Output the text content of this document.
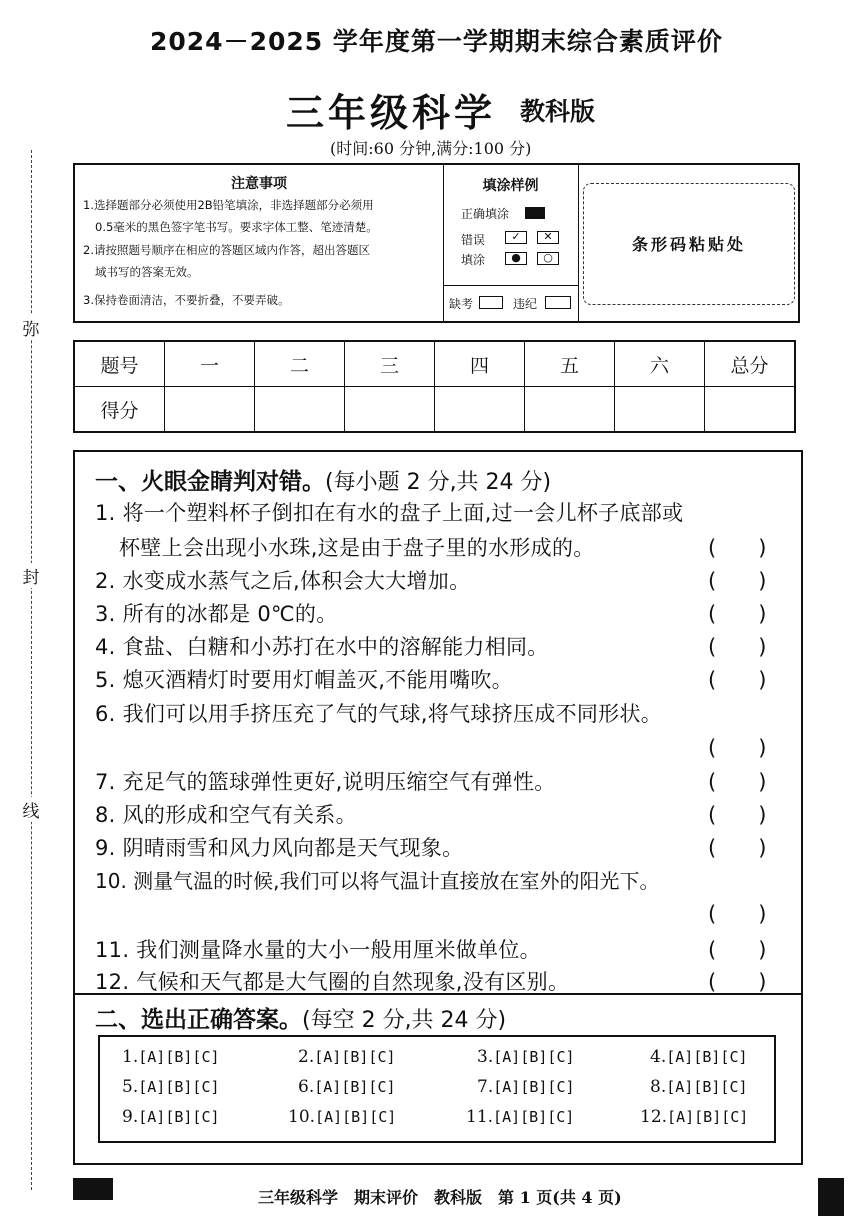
2024－2025 学年度第一学期期末综合素质评价
三年级科学 教科版
(时间:60 分钟,满分:100 分)
弥
封
线
注意事项
1.选择题部分必须使用2B铅笔填涂，非选择题部分必须用
0.5毫米的黑色签字笔书写。要求字体工整、笔迹清楚。
2.请按照题号顺序在相应的答题区域内作答，超出答题区
域书写的答案无效。
3.保持卷面清洁，不要折叠，不要弄破。
填涂样例
正确填涂
错误
填涂
✓	✕
●	○
缺考	违纪
条形码粘贴处
题号	一	二	三	四	五	六	总分
得分							
一、火眼金睛判对错。(每小题 2 分,共 24 分)
1. 将一个塑料杯子倒扣在有水的盘子上面,过一会儿杯子底部或
杯壁上会出现小水珠,这是由于盘子里的水形成的。	(　　)
2. 水变成水蒸气之后,体积会大大增加。	(　　)
3. 所有的冰都是 0℃的。	(　　)
4. 食盐、白糖和小苏打在水中的溶解能力相同。	(　　)
5. 熄灭酒精灯时要用灯帽盖灭,不能用嘴吹。	(　　)
6. 我们可以用手挤压充了气的气球,将气球挤压成不同形状。
(　　)
7. 充足气的篮球弹性更好,说明压缩空气有弹性。	(　　)
8. 风的形成和空气有关系。	(　　)
9. 阴晴雨雪和风力风向都是天气现象。	(　　)
10. 测量气温的时候,我们可以将气温计直接放在室外的阳光下。
(　　)
11. 我们测量降水量的大小一般用厘米做单位。	(　　)
12. 气候和天气都是大气圈的自然现象,没有区别。	(　　)
二、选出正确答案。(每空 2 分,共 24 分)
1.[A][B][C]	2.[A][B][C]	3.[A][B][C]	4.[A][B][C]
5.[A][B][C]	6.[A][B][C]	7.[A][B][C]	8.[A][B][C]
9.[A][B][C]	10.[A][B][C]	11.[A][B][C]	12.[A][B][C]
三年级科学　期末评价　教科版　第 1 页(共 4 页)
